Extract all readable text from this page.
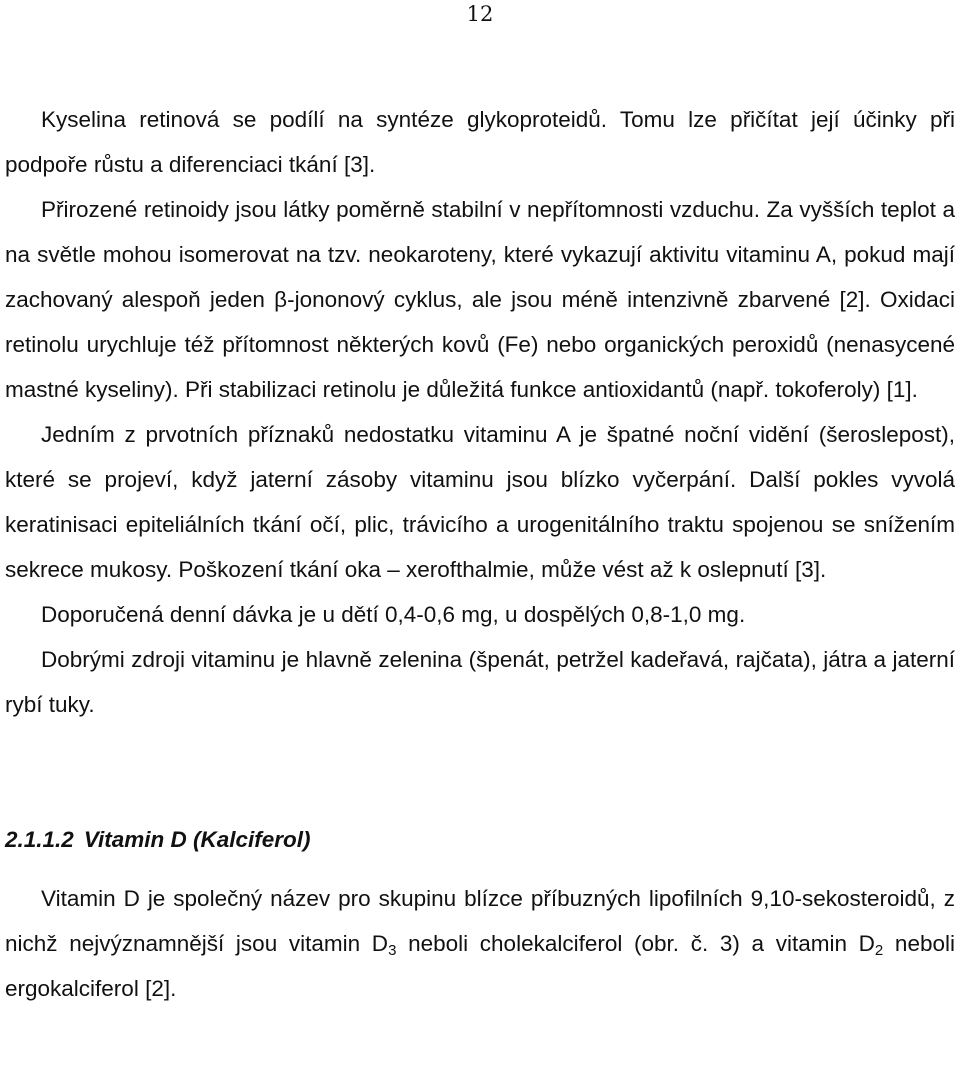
12

Kyselina retinová se podílí na syntéze glykoproteidů. Tomu lze přičítat její účinky při podpoře růstu a diferenciaci tkání [3].

Přirozené retinoidy jsou látky poměrně stabilní v nepřítomnosti vzduchu. Za vyšších teplot a na světle mohou isomerovat na tzv. neokaroteny, které vykazují aktivitu vitaminu A, pokud mají zachovaný alespoň jeden β-jononový cyklus, ale jsou méně intenzivně zbarvené [2]. Oxidaci retinolu urychluje též přítomnost některých kovů (Fe) nebo organických peroxidů (nenasycené mastné kyseliny). Při stabilizaci retinolu je důležitá funkce antioxidantů (např. tokoferoly) [1].

Jedním z prvotních příznaků nedostatku vitaminu A je špatné noční vidění (šeroslepost), které se projeví, když jaterní zásoby vitaminu jsou blízko vyčerpání. Další pokles vyvolá keratinisaci epiteliálních tkání očí, plic, trávicího a urogenitálního traktu spojenou se snížením sekrece mukosy. Poškození tkání oka – xerofthalmie, může vést až k oslepnutí [3].

Doporučená denní dávka je u dětí 0,4-0,6 mg, u dospělých 0,8-1,0 mg.

Dobrými zdroji vitaminu je hlavně zelenina (špenát, petržel kadeřavá, rajčata), játra a jaterní rybí tuky.

2.1.1.2 Vitamin D (Kalciferol)

Vitamin D je společný název pro skupinu blízce příbuzných lipofilních 9,10-sekosteroidů, z nichž nejvýznamnější jsou vitamin $D_3$ neboli cholekalciferol (obr. č. 3) a vitamin $D_2$ neboli ergokalciferol [2].
